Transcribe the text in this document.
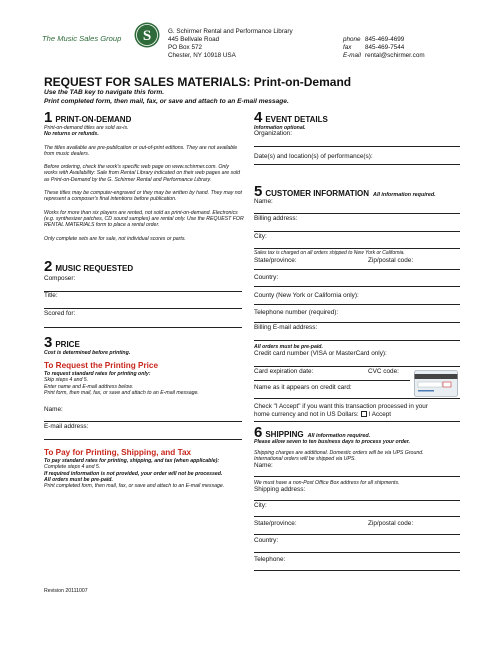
The Music Sales Group	S	G. Schirmer Rental and Performance Library
445 Bellvale Road
PO Box 572
Chester, NY 10918 USA
phone 845-469-4699
fax 845-469-7544
E-mail rental@schirmer.com
REQUEST FOR SALES MATERIALS: Print-on-Demand
Use the TAB key to navigate this form.
Print completed form, then mail, fax, or save and attach to an E-mail message.
1 PRINT-ON-DEMAND
Print-on-demand titles are sold as-is.
No returns or refunds.
The titles available are pre-publication or out-of-print editions. They are not available from music dealers.
Before ordering, check the work's specific web page on www.schirmer.com. Only works with Availability: Sale from Rental Library indicated on their web pages are sold as Print-on-Demand by the G. Schirmer Rental and Performance Library.
These titles may be computer-engraved or they may be written by hand. They may not represent a composer's final intentions before publication.
Works for more than six players are rented, not sold as print-on-demand. Electronics (e.g. synthesizer patches, CD sound samples) are rental only. Use the REQUEST FOR RENTAL MATERIALS form to place a rental order.
Only complete sets are for sale, not individual scores or parts.
2 MUSIC REQUESTED
Composer:
Title:
Scored for:
3 PRICE
Cost is determined before printing.
To Request the Printing Price
To request standard rates for printing only:
Skip steps 4 and 5.
Enter name and E-mail address below.
Print form, then mail, fax, or save and attach to an E-mail message.
Name:
E-mail address:
To Pay for Printing, Shipping, and Tax
To pay standard rates for printing, shipping, and tax (when applicable):
Complete steps 4 and 5.
If required information is not provided, your order will not be processed.
All orders must be pre-paid.
Print completed form, then mail, fax, or save and attach to an E-mail message.
Revision 20111007
4 EVENT DETAILS
Information optional.
Organization:
Date(s) and location(s) of performance(s):
5 CUSTOMER INFORMATION All information required.
Name:
Billing address:
City:
Sales tax is charged on all orders shipped to New York or California.
State/province:	Zip/postal code:
Country:
County (New York or California only):
Telephone number (required):
Billing E-mail address:
All orders must be pre-paid.
Credit card number (VISA or MasterCard only):
Card expiration date:	CVC code:
Name as it appears on credit card:
Check "I Accept" if you want this transaction processed in your
home currency and not in US Dollars: I Accept
6 SHIPPING All information required.
Please allow seven to ten business days to process your order.
Shipping charges are additional. Domestic orders will be via UPS Ground.
International orders will be shipped via UPS.
Name:
We must have a non-Post Office Box address for all shipments.
Shipping address:
City:
State/province:	Zip/postal code:
Country:
Telephone:
